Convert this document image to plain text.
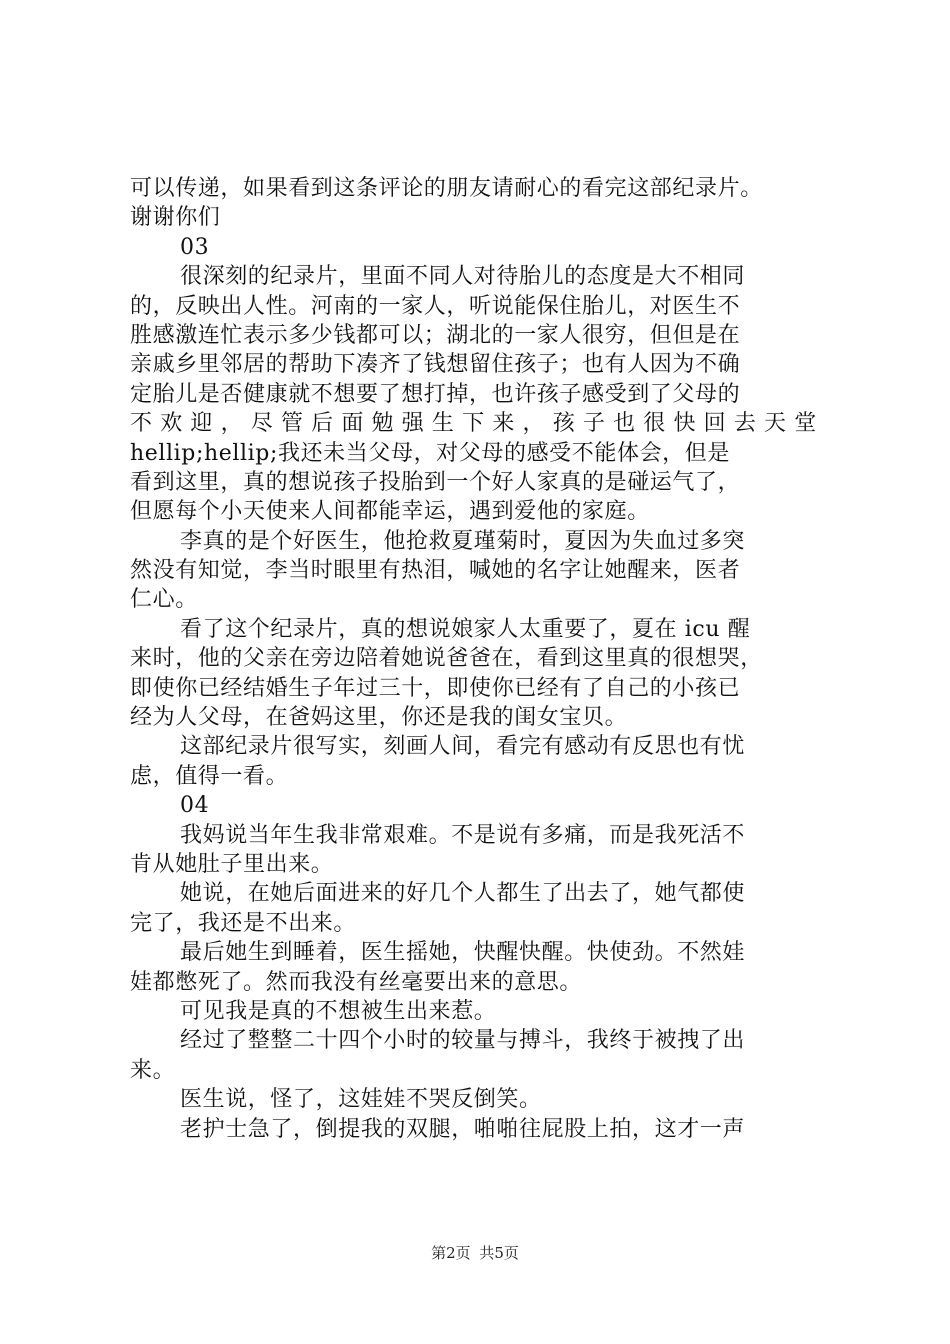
可以传递，如果看到这条评论的朋友请耐心的看完这部纪录片。
谢谢你们
03
很深刻的纪录片，里面不同人对待胎儿的态度是大不相同
的，反映出人性。河南的一家人，听说能保住胎儿，对医生不
胜感激连忙表示多少钱都可以；湖北的一家人很穷，但但是在
亲戚乡里邻居的帮助下凑齐了钱想留住孩子；也有人因为不确
定胎儿是否健康就不想要了想打掉，也许孩子感受到了父母的
不 欢 迎 ， 尽 管 后 面 勉 强 生 下 来 ， 孩 子 也 很 快 回 去 天 堂
hellip;hellip;我还未当父母，对父母的感受不能体会，但是
看到这里，真的想说孩子投胎到一个好人家真的是碰运气了，
但愿每个小天使来人间都能幸运，遇到爱他的家庭。
李真的是个好医生，他抢救夏瑾菊时，夏因为失血过多突
然没有知觉，李当时眼里有热泪，喊她的名字让她醒来，医者
仁心。
看了这个纪录片，真的想说娘家人太重要了，夏在 icu 醒
来时，他的父亲在旁边陪着她说爸爸在，看到这里真的很想哭，
即使你已经结婚生子年过三十，即使你已经有了自己的小孩已
经为人父母，在爸妈这里，你还是我的闺女宝贝。
这部纪录片很写实，刻画人间，看完有感动有反思也有忧
虑，值得一看。
04
我妈说当年生我非常艰难。不是说有多痛，而是我死活不
肯从她肚子里出来。
她说，在她后面进来的好几个人都生了出去了，她气都使
完了，我还是不出来。
最后她生到睡着，医生摇她，快醒快醒。快使劲。不然娃
娃都憋死了。然而我没有丝毫要出来的意思。
可见我是真的不想被生出来惹。
经过了整整二十四个小时的较量与搏斗，我终于被拽了出
来。
医生说，怪了，这娃娃不哭反倒笑。
老护士急了，倒提我的双腿，啪啪往屁股上拍，这才一声
第2页 共5页
